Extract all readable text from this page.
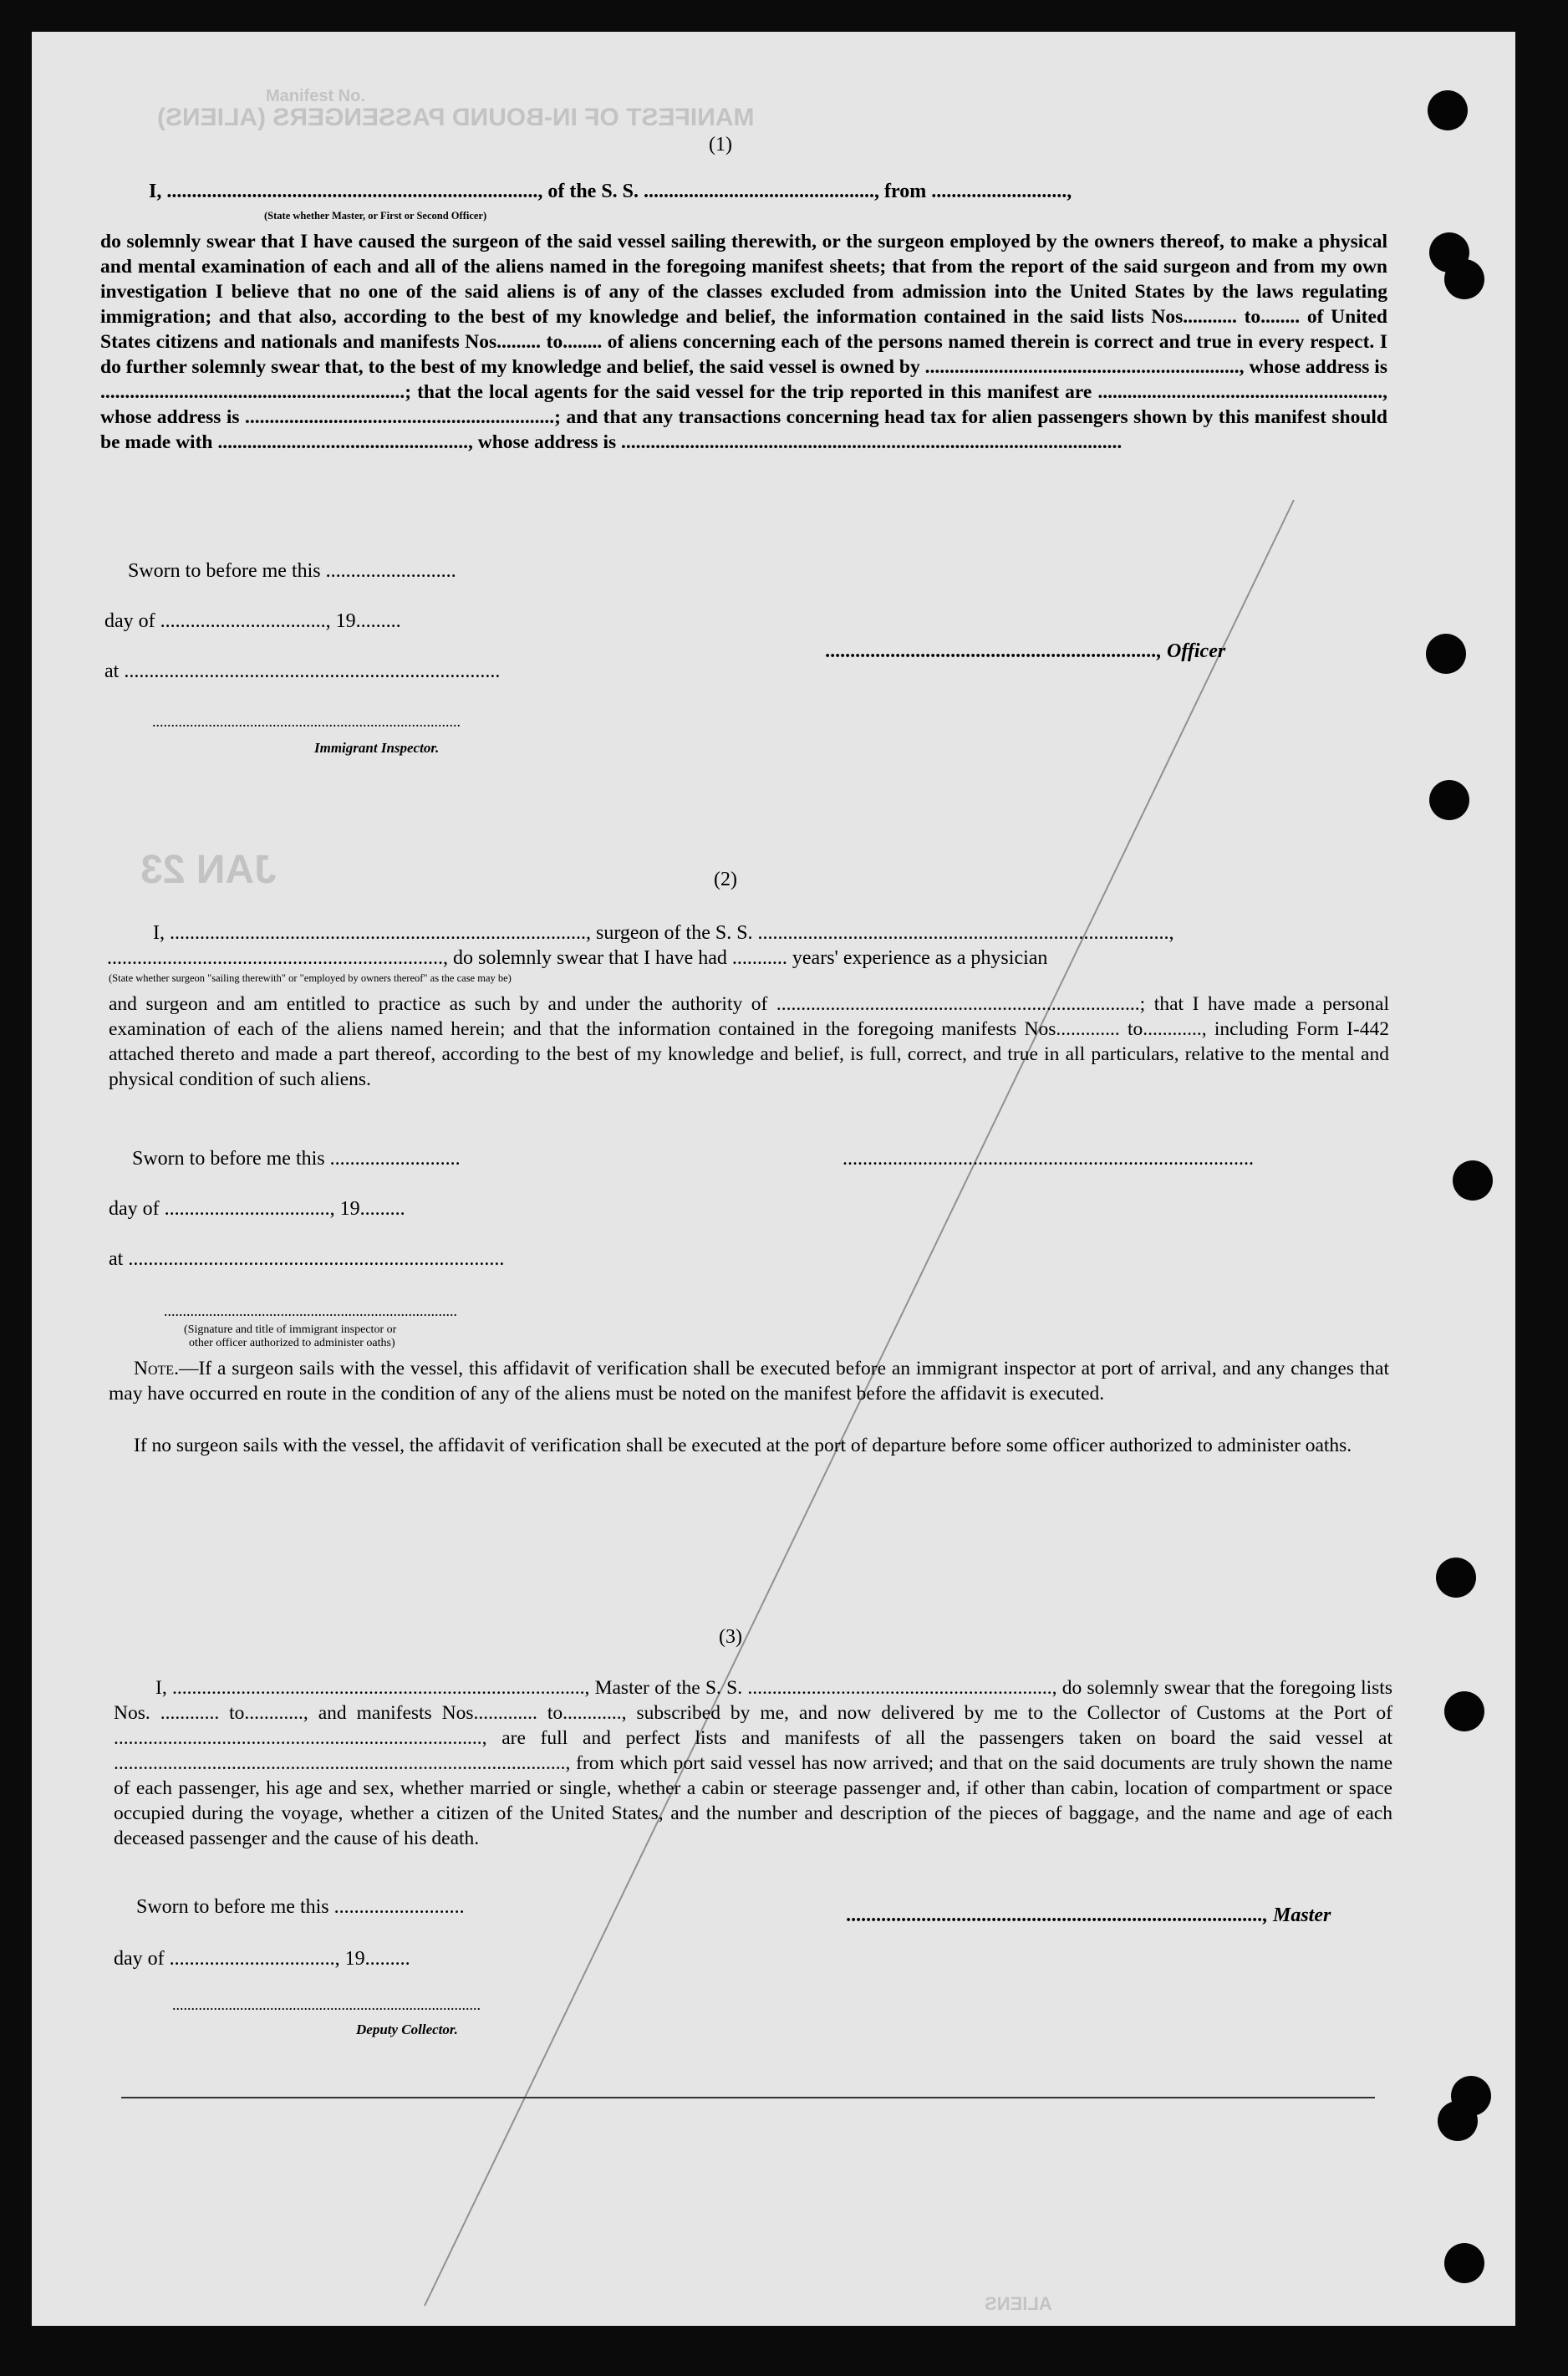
Manifest No.
MANIFEST OF IN-BOUND PASSENGERS (ALIENS)
JAN 23
ALIENS
(1)
I, .........................................................................., of the S. S. .............................................., from ...........................,
(State whether Master, or First or Second Officer)

do solemnly swear that I have caused the surgeon of the said vessel sailing therewith, or the surgeon employed by the owners thereof, to make a physical and mental examination of each and all of the aliens named in the foregoing manifest sheets; that from the report of the said surgeon and from my own investigation I believe that no one of the said aliens is of any of the classes excluded from admission into the United States by the laws regulating immigration; and that also, according to the best of my knowledge and belief, the information contained in the said lists Nos........... to........ of United States citizens and nationals and manifests Nos......... to........ of aliens concerning each of the persons named therein is correct and true in every respect. I do further solemnly swear that, to the best of my knowledge and belief, the said vessel is owned by ................................................................, whose address is ..............................................................; that the local agents for the said vessel for the trip reported in this manifest are .........................................................., whose address is ...............................................................; and that any transactions concerning head tax for alien passengers shown by this manifest should be made with ..................................................., whose address is ......................................................................................................

Sworn to before me this ..........................
day of ................................., 19.........
at ...........................................................................
.................................................................., Officer
..................................................................................
Immigrant Inspector.
(2)
I, ..................................................................................., surgeon of the S. S. ..................................................................................,
..................................................................., do solemnly swear that I have had ........... years' experience as a physician
(State whether surgeon "sailing therewith" or "employed by owners thereof" as the case may be)

and surgeon and am entitled to practice as such by and under the authority of ..........................................................................; that I have made a personal examination of each of the aliens named herein; and that the information contained in the foregoing manifests Nos............. to............, including Form I-442 attached thereto and made a part thereof, according to the best of my knowledge and belief, is full, correct, and true in all particulars, relative to the mental and physical condition of such aliens.

Sworn to before me this ..........................	..................................................................................
day of ................................., 19.........
at ...........................................................................
..............................................................................
(Signature and title of immigrant inspector or
other officer authorized to administer oaths)

Note.—If a surgeon sails with the vessel, this affidavit of verification shall be executed before an immigrant inspector at port of arrival, and any changes that may have occurred en route in the condition of any of the aliens must be noted on the manifest before the affidavit is executed.

If no surgeon sails with the vessel, the affidavit of verification shall be executed at the port of departure before some officer authorized to administer oaths.

(3)

I, ...................................................................................., Master of the S. S. .............................................................., do solemnly swear that the foregoing lists Nos. ............ to............, and manifests Nos............. to............, subscribed by me, and now delivered by me to the Collector of Customs at the Port of ..........................................................................., are full and perfect lists and manifests of all the passengers taken on board the said vessel at ............................................................................................, from which port said vessel has now arrived; and that on the said documents are truly shown the name of each passenger, his age and sex, whether married or single, whether a cabin or steerage passenger and, if other than cabin, location of compartment or space occupied during the voyage, whether a citizen of the United States, and the number and description of the pieces of baggage, and the name and age of each deceased passenger and the cause of his death.

Sworn to before me this ..........................	..................................................................................., Master
day of ................................., 19.........
..................................................................................
Deputy Collector.
